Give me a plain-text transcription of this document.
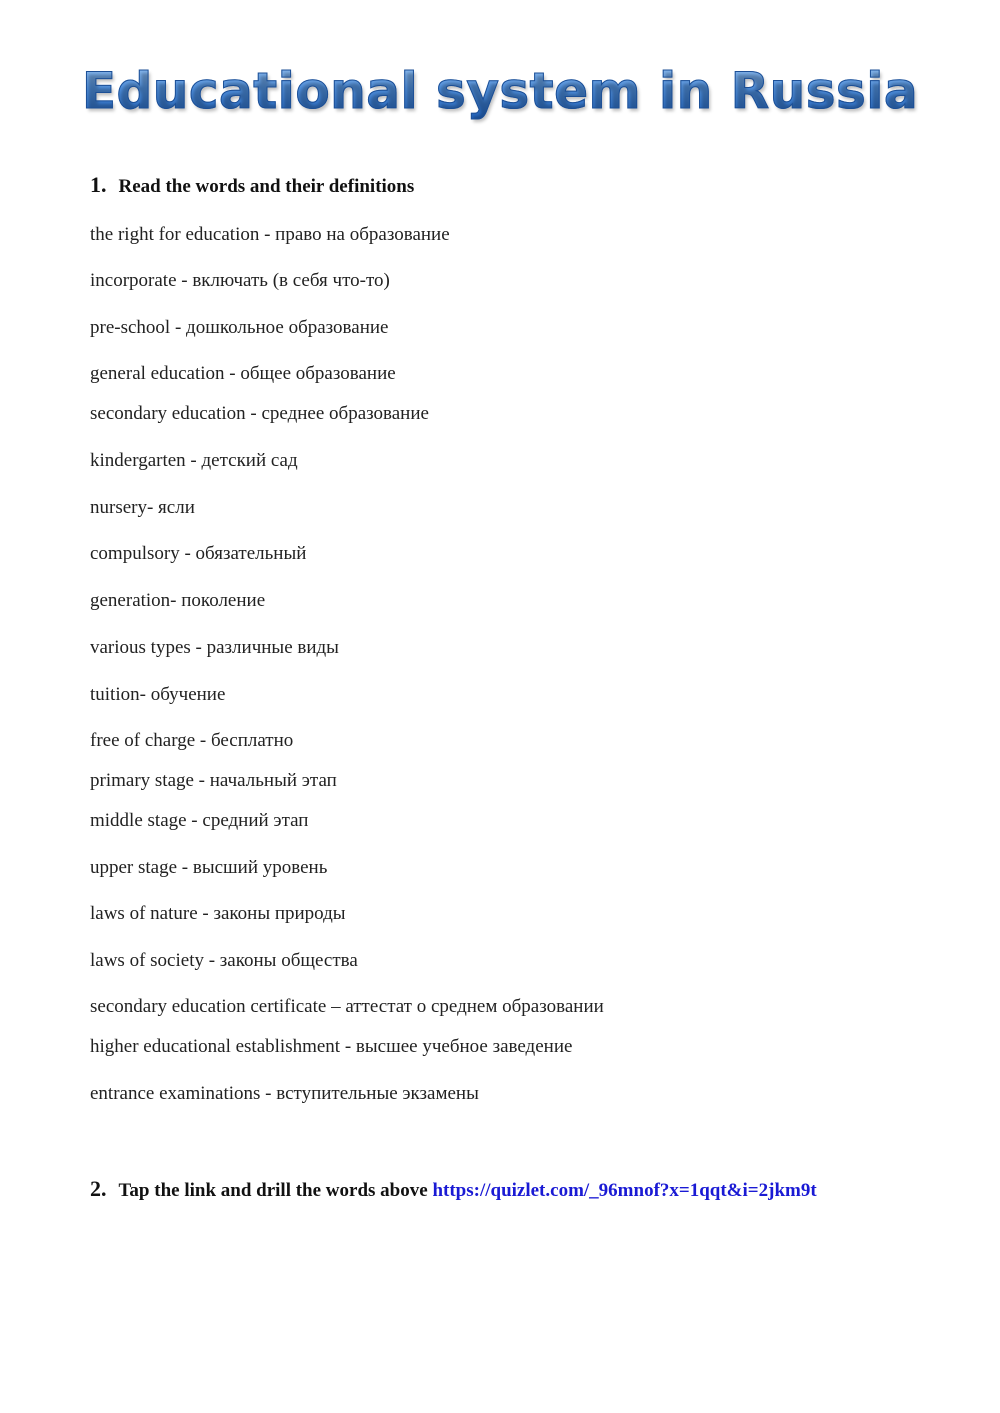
Educational system in Russia
1. Read the words and their definitions
the right for education - право на образование
incorporate - включать (в себя что-то)
pre-school - дошкольное образование
general education - общее образование
secondary education - среднее образование
kindergarten - детский сад
nursery- ясли
compulsory - обязательный
generation- поколение
various types - различные виды
tuition- обучение
free of charge - бесплатно
primary stage - начальный этап
middle stage - средний этап
upper stage - высший уровень
laws of nature - законы природы
laws of society - законы общества
secondary education certificate – аттестат о среднем образовании
higher educational establishment - высшее учебное заведение
entrance examinations - вступительные экзамены
2. Tap the link and drill the words above https://quizlet.com/_96mnof?x=1qqt&i=2jkm9t
